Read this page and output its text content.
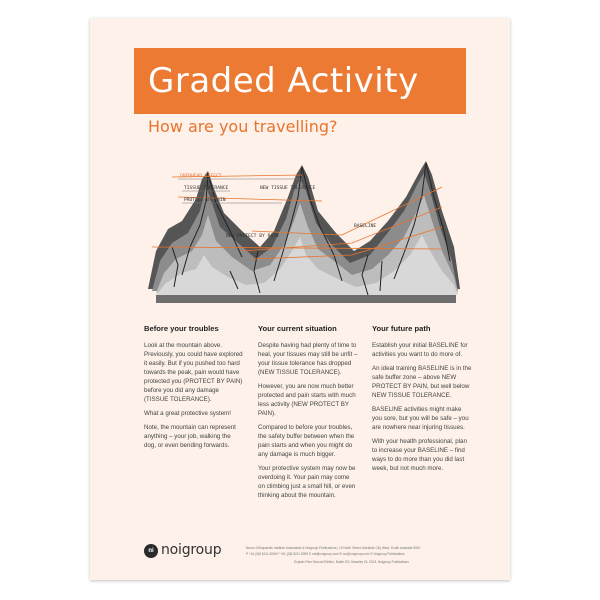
Graded Activity
How are you travelling?
OVERHEAD EFFECT
TISSUE TOLERANCE
PROTECT BY PAIN
NEW TISSUE TOLERANCE
NEW PROTECT BY PAIN
BASELINE
Before your troubles

Look at the mountain above. Previously, you could have explored it easily. But if you pushed too hard towards the peak, pain would have protected you (PROTECT BY PAIN) before you did any damage (TISSUE TOLERANCE).

What a great protective system!

Note, the mountain can represent anything – your job, walking the dog, or even bending forwards.

Your current situation

Despite having had plenty of time to heal, your tissues may still be unfit – your tissue tolerance has dropped (NEW TISSUE TOLERANCE).

However, you are now much better protected and pain starts with much less activity (NEW PROTECT BY PAIN).

Compared to before your troubles, the safety buffer between when the pain starts and when you might do any damage is much bigger.

Your protective system may now be overdoing it. Your pain may come on climbing just a small hill, or even thinking about the mountain.

Your future path

Establish your initial BASELINE for activities you want to do more of.

An ideal training BASELINE is in the safe buffer zone – above NEW PROTECT BY PAIN, but well below NEW TISSUE TOLERANCE.

BASELINE activities might make you sore, but you will be safe – you are nowhere near injuring tissues.

With your health professional, plan to increase your BASELINE – find ways to do more than you did last week, but not much more.

ni noigroup	Neuro Orthopaedic Institute Australasia & Noigroup Publications | 19 North Street, Adelaide City West, South Australia 5000
P +61 (0)8 8211 6066 F +61 (0)8 8211 8909 E noi@noigroup.com E noi@noigroup.com © Noigroup Publications
Explain Pain Second Edition, Butler DS, Moseley GL 2013, Noigroup Publications
